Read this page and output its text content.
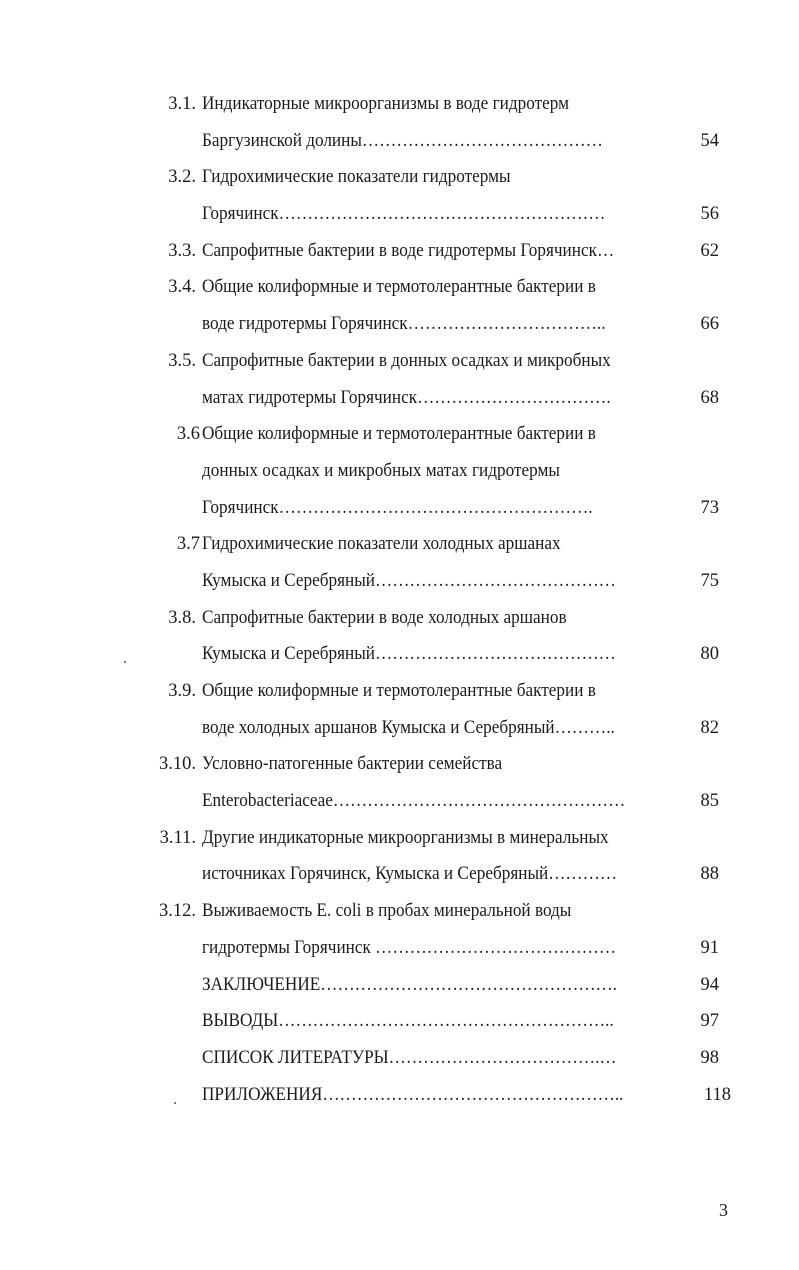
3.1. Индикаторные микроорганизмы в воде гидротерм
Баргузинской долины……………………………………	54
3.2. Гидрохимические показатели гидротермы
Горячинск…………………………………………………	56
3.3. Сапрофитные бактерии в воде гидротермы Горячинск…	62
3.4. Общие колиформные и термотолерантные бактерии в
воде гидротермы Горячинск……………………………..	66
3.5. Сапрофитные бактерии в донных осадках и микробных
матах гидротермы Горячинск…………………………….	68
3.6 Общие колиформные и термотолерантные бактерии в
донных осадках и микробных матах гидротермы
Горячинск……………………………………………….	73
3.7 Гидрохимические показатели холодных аршанах
Кумыска и Серебряный……………………………………	75
3.8. Сапрофитные бактерии в воде холодных аршанов
Кумыска и Серебряный……………………………………	80
3.9. Общие колиформные и термотолерантные бактерии в
воде холодных аршанов Кумыска и Серебряный………..	82
3.10. Условно-патогенные бактерии семейства
Enterobacteriaceae……………………………………………	85
3.11. Другие индикаторные микроорганизмы в минеральных
источниках Горячинск, Кумыска и Серебряный…………	88
3.12. Выживаемость E. coli в пробах минеральной воды
гидротермы Горячинск ……………………………………	91
ЗАКЛЮЧЕНИЕ…………………………………………….	94
ВЫВОДЫ…………………………………………………..	97
СПИСОК ЛИТЕРАТУРЫ……………………………….…	98
ПРИЛОЖЕНИЯ……………………………………………..	118
3
